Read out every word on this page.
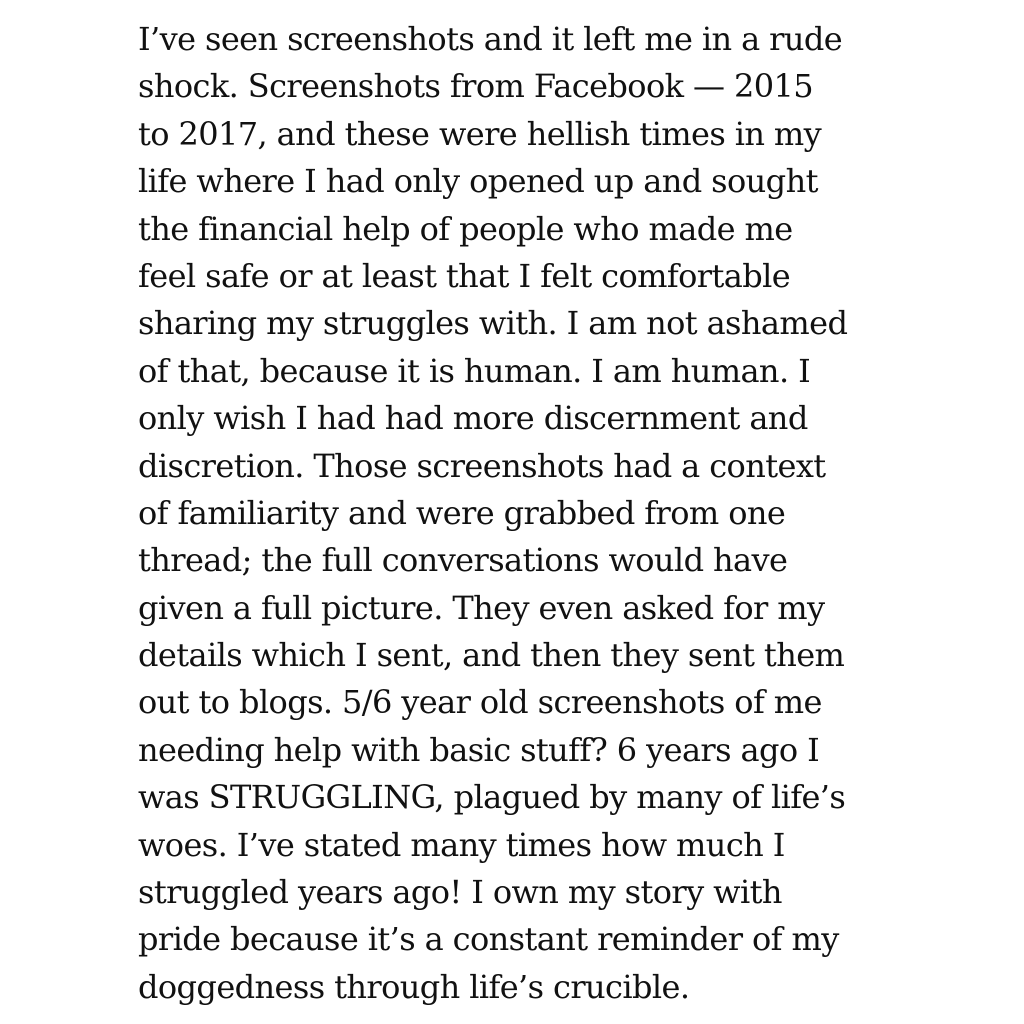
I’ve seen screenshots and it left me in a rude
shock. Screenshots from Facebook — 2015
to 2017, and these were hellish times in my
life where I had only opened up and sought
the financial help of people who made me
feel safe or at least that I felt comfortable
sharing my struggles with. I am not ashamed
of that, because it is human. I am human. I
only wish I had had more discernment and
discretion. Those screenshots had a context
of familiarity and were grabbed from one
thread; the full conversations would have
given a full picture. They even asked for my
details which I sent, and then they sent them
out to blogs. 5/6 year old screenshots of me
needing help with basic stuff? 6 years ago I
was STRUGGLING, plagued by many of life’s
woes. I’ve stated many times how much I
struggled years ago! I own my story with
pride because it’s a constant reminder of my
doggedness through life’s crucible.
